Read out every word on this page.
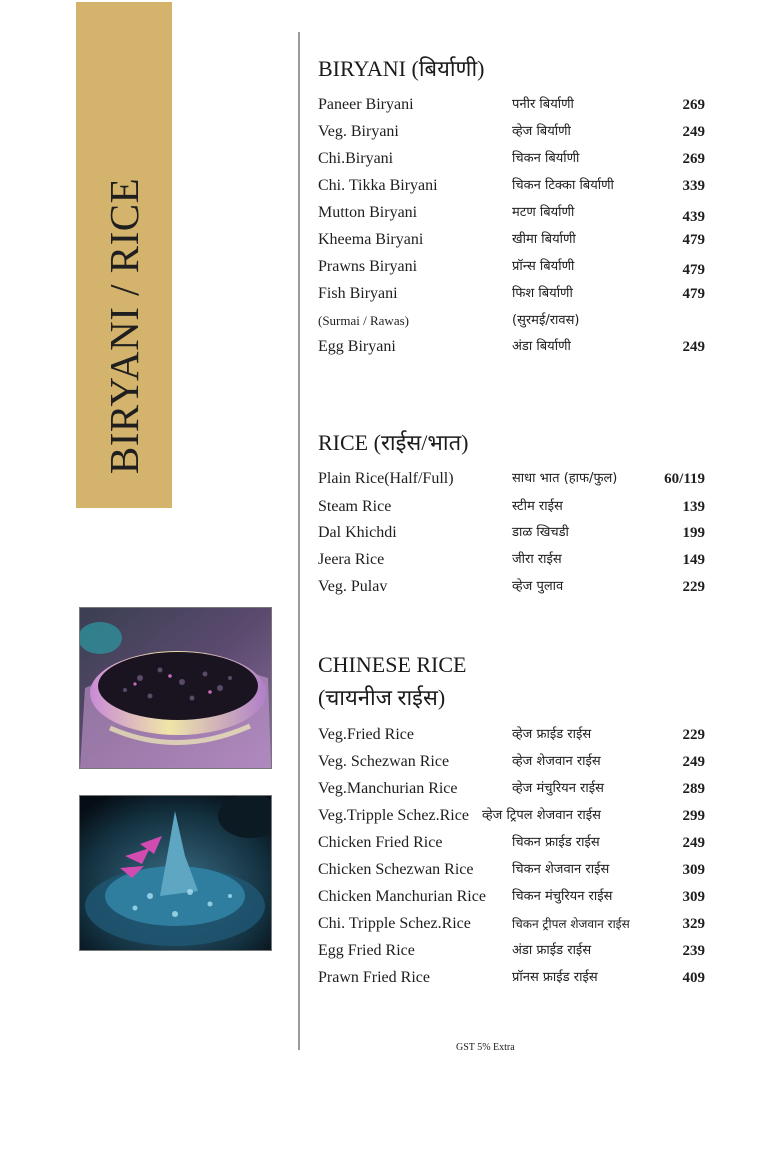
BIRYANI / RICE
BIRYANI (बिर्याणी)
Paneer Biryani	पनीर बिर्याणी	269
Veg. Biryani	व्हेज बिर्याणी	249
Chi.Biryani	चिकन बिर्याणी	269
Chi. Tikka Biryani	चिकन टिक्का बिर्याणी	339
Mutton Biryani	मटण बिर्याणी	439
Kheema Biryani	खीमा बिर्याणी	479
Prawns Biryani	प्रॉन्स बिर्याणी	479
Fish Biryani	फिश बिर्याणी	479
(Surmai / Rawas)	(सुरमई/रावस)
Egg Biryani	अंडा बिर्याणी	249
RICE (राईस/भात)
Plain Rice(Half/Full)	साधा भात (हाफ/फुल)	60/119
Steam Rice	स्टीम राईस	139
Dal Khichdi	डाळ खिचडी	199
Jeera Rice	जीरा राईस	149
Veg. Pulav	व्हेज पुलाव	229
CHINESE RICE
(चायनीज राईस)
Veg.Fried Rice	व्हेज फ्राईड राईस	229
Veg. Schezwan Rice	व्हेज शेजवान राईस	249
Veg.Manchurian Rice	व्हेज मंचुरियन राईस	289
Veg.Tripple Schez.Rice व्हेज ट्रिपल शेजवान राईस	299
Chicken Fried Rice	चिकन फ्राईड राईस	249
Chicken Schezwan Rice	चिकन शेजवान राईस	309
Chicken Manchurian Rice चिकन मंचुरियन राईस	309
Chi. Tripple Schez.Rice	चिकन ट्रीपल शेजवान राईस	329
Egg Fried Rice	अंडा फ्राईड राईस	239
Prawn Fried Rice	प्रॉनस फ्राईड राईस	409
GST 5% Extra
